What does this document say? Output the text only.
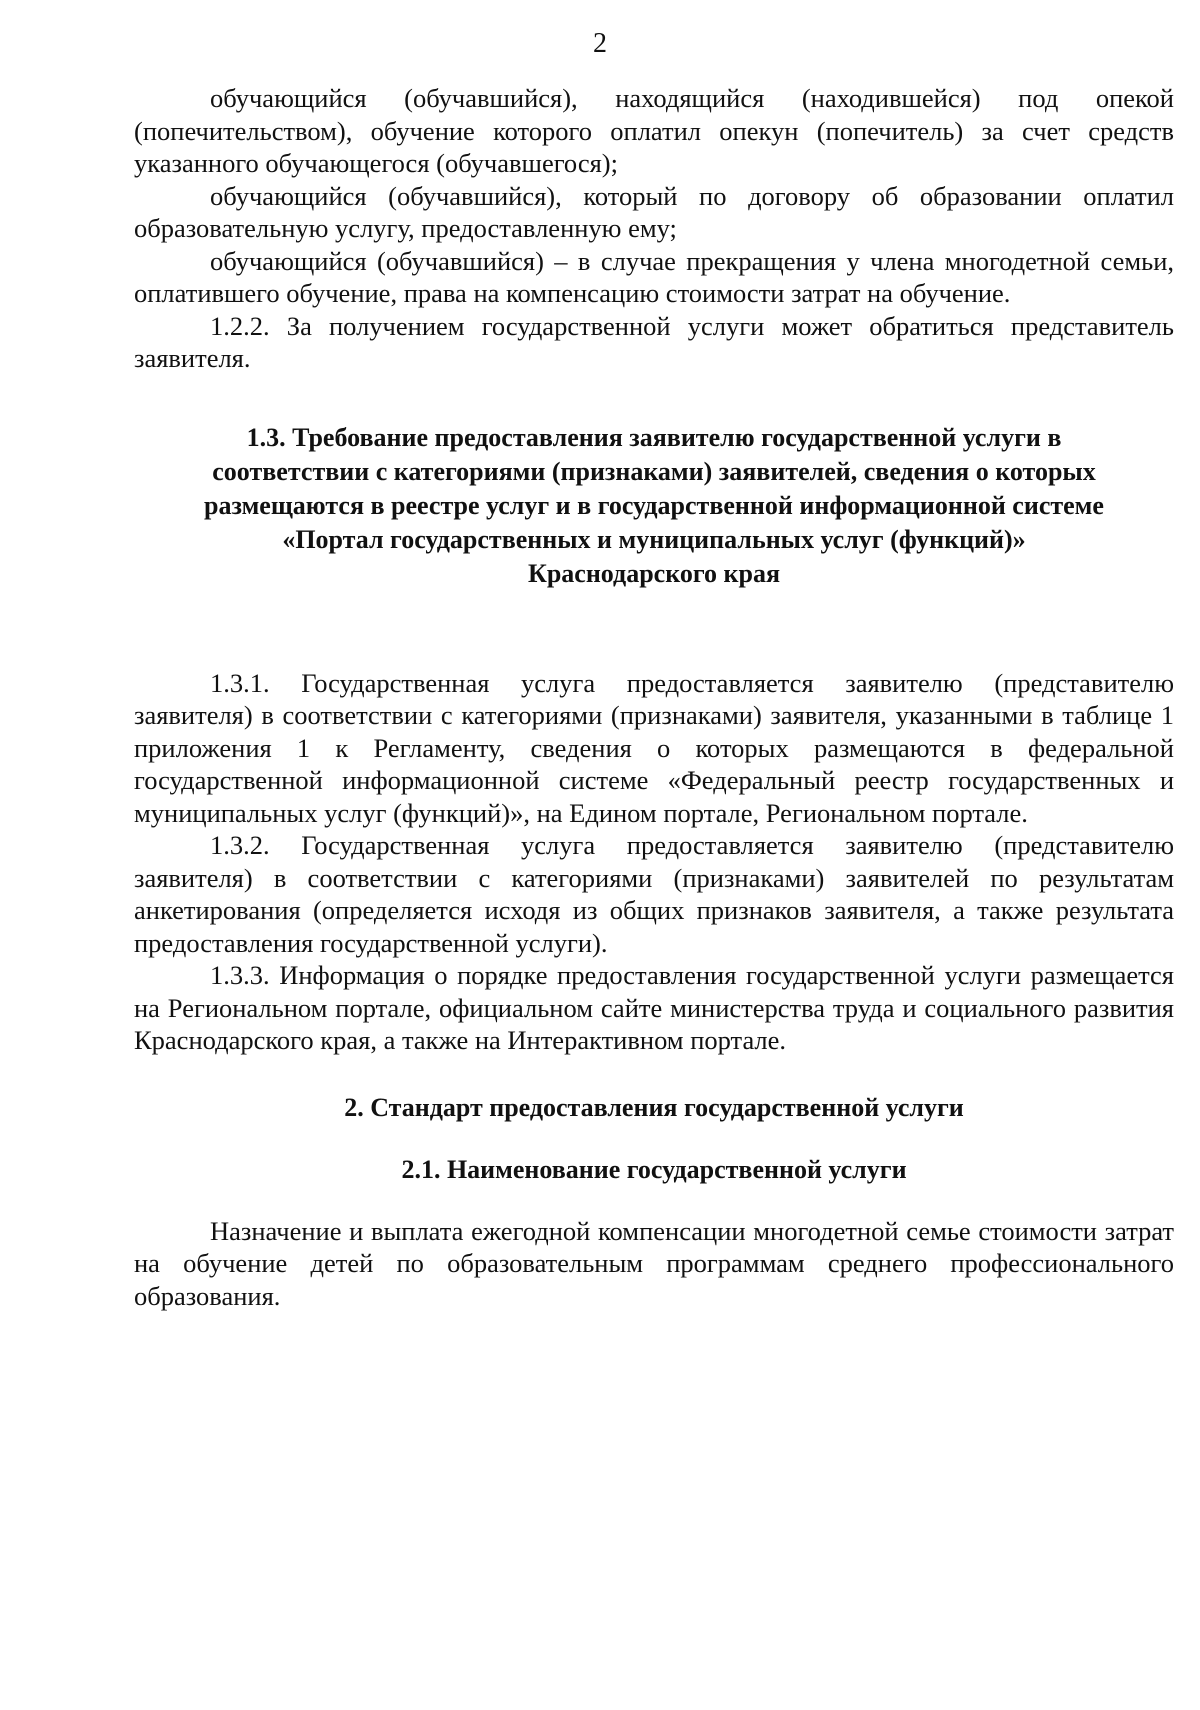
2

обучающийся (обучавшийся), находящийся (находившейся) под опекой (попечительством), обучение которого оплатил опекун (попечитель) за счет средств указанного обучающегося (обучавшегося);

обучающийся (обучавшийся), который по договору об образовании оплатил образовательную услугу, предоставленную ему;

обучающийся (обучавшийся) – в случае прекращения у члена многодетной семьи, оплатившего обучение, права на компенсацию стоимости затрат на обучение.

1.2.2. За получением государственной услуги может обратиться представитель заявителя.

1.3. Требование предоставления заявителю государственной услуги в соответствии с категориями (признаками) заявителей, сведения о которых размещаются в реестре услуг и в государственной информационной системе «Портал государственных и муниципальных услуг (функций)» Краснодарского края

1.3.1. Государственная услуга предоставляется заявителю (представителю заявителя) в соответствии с категориями (признаками) заявителя, указанными в таблице 1 приложения 1 к Регламенту, сведения о которых размещаются в федеральной государственной информационной системе «Федеральный реестр государственных и муниципальных услуг (функций)», на Едином портале, Региональном портале.

1.3.2. Государственная услуга предоставляется заявителю (представителю заявителя) в соответствии с категориями (признаками) заявителей по результатам анкетирования (определяется исходя из общих признаков заявителя, а также результата предоставления государственной услуги).

1.3.3. Информация о порядке предоставления государственной услуги размещается на Региональном портале, официальном сайте министерства труда и социального развития Краснодарского края, а также на Интерактивном портале.

2. Стандарт предоставления государственной услуги
2.1. Наименование государственной услуги

Назначение и выплата ежегодной компенсации многодетной семье стоимости затрат на обучение детей по образовательным программам среднего профессионального образования.
